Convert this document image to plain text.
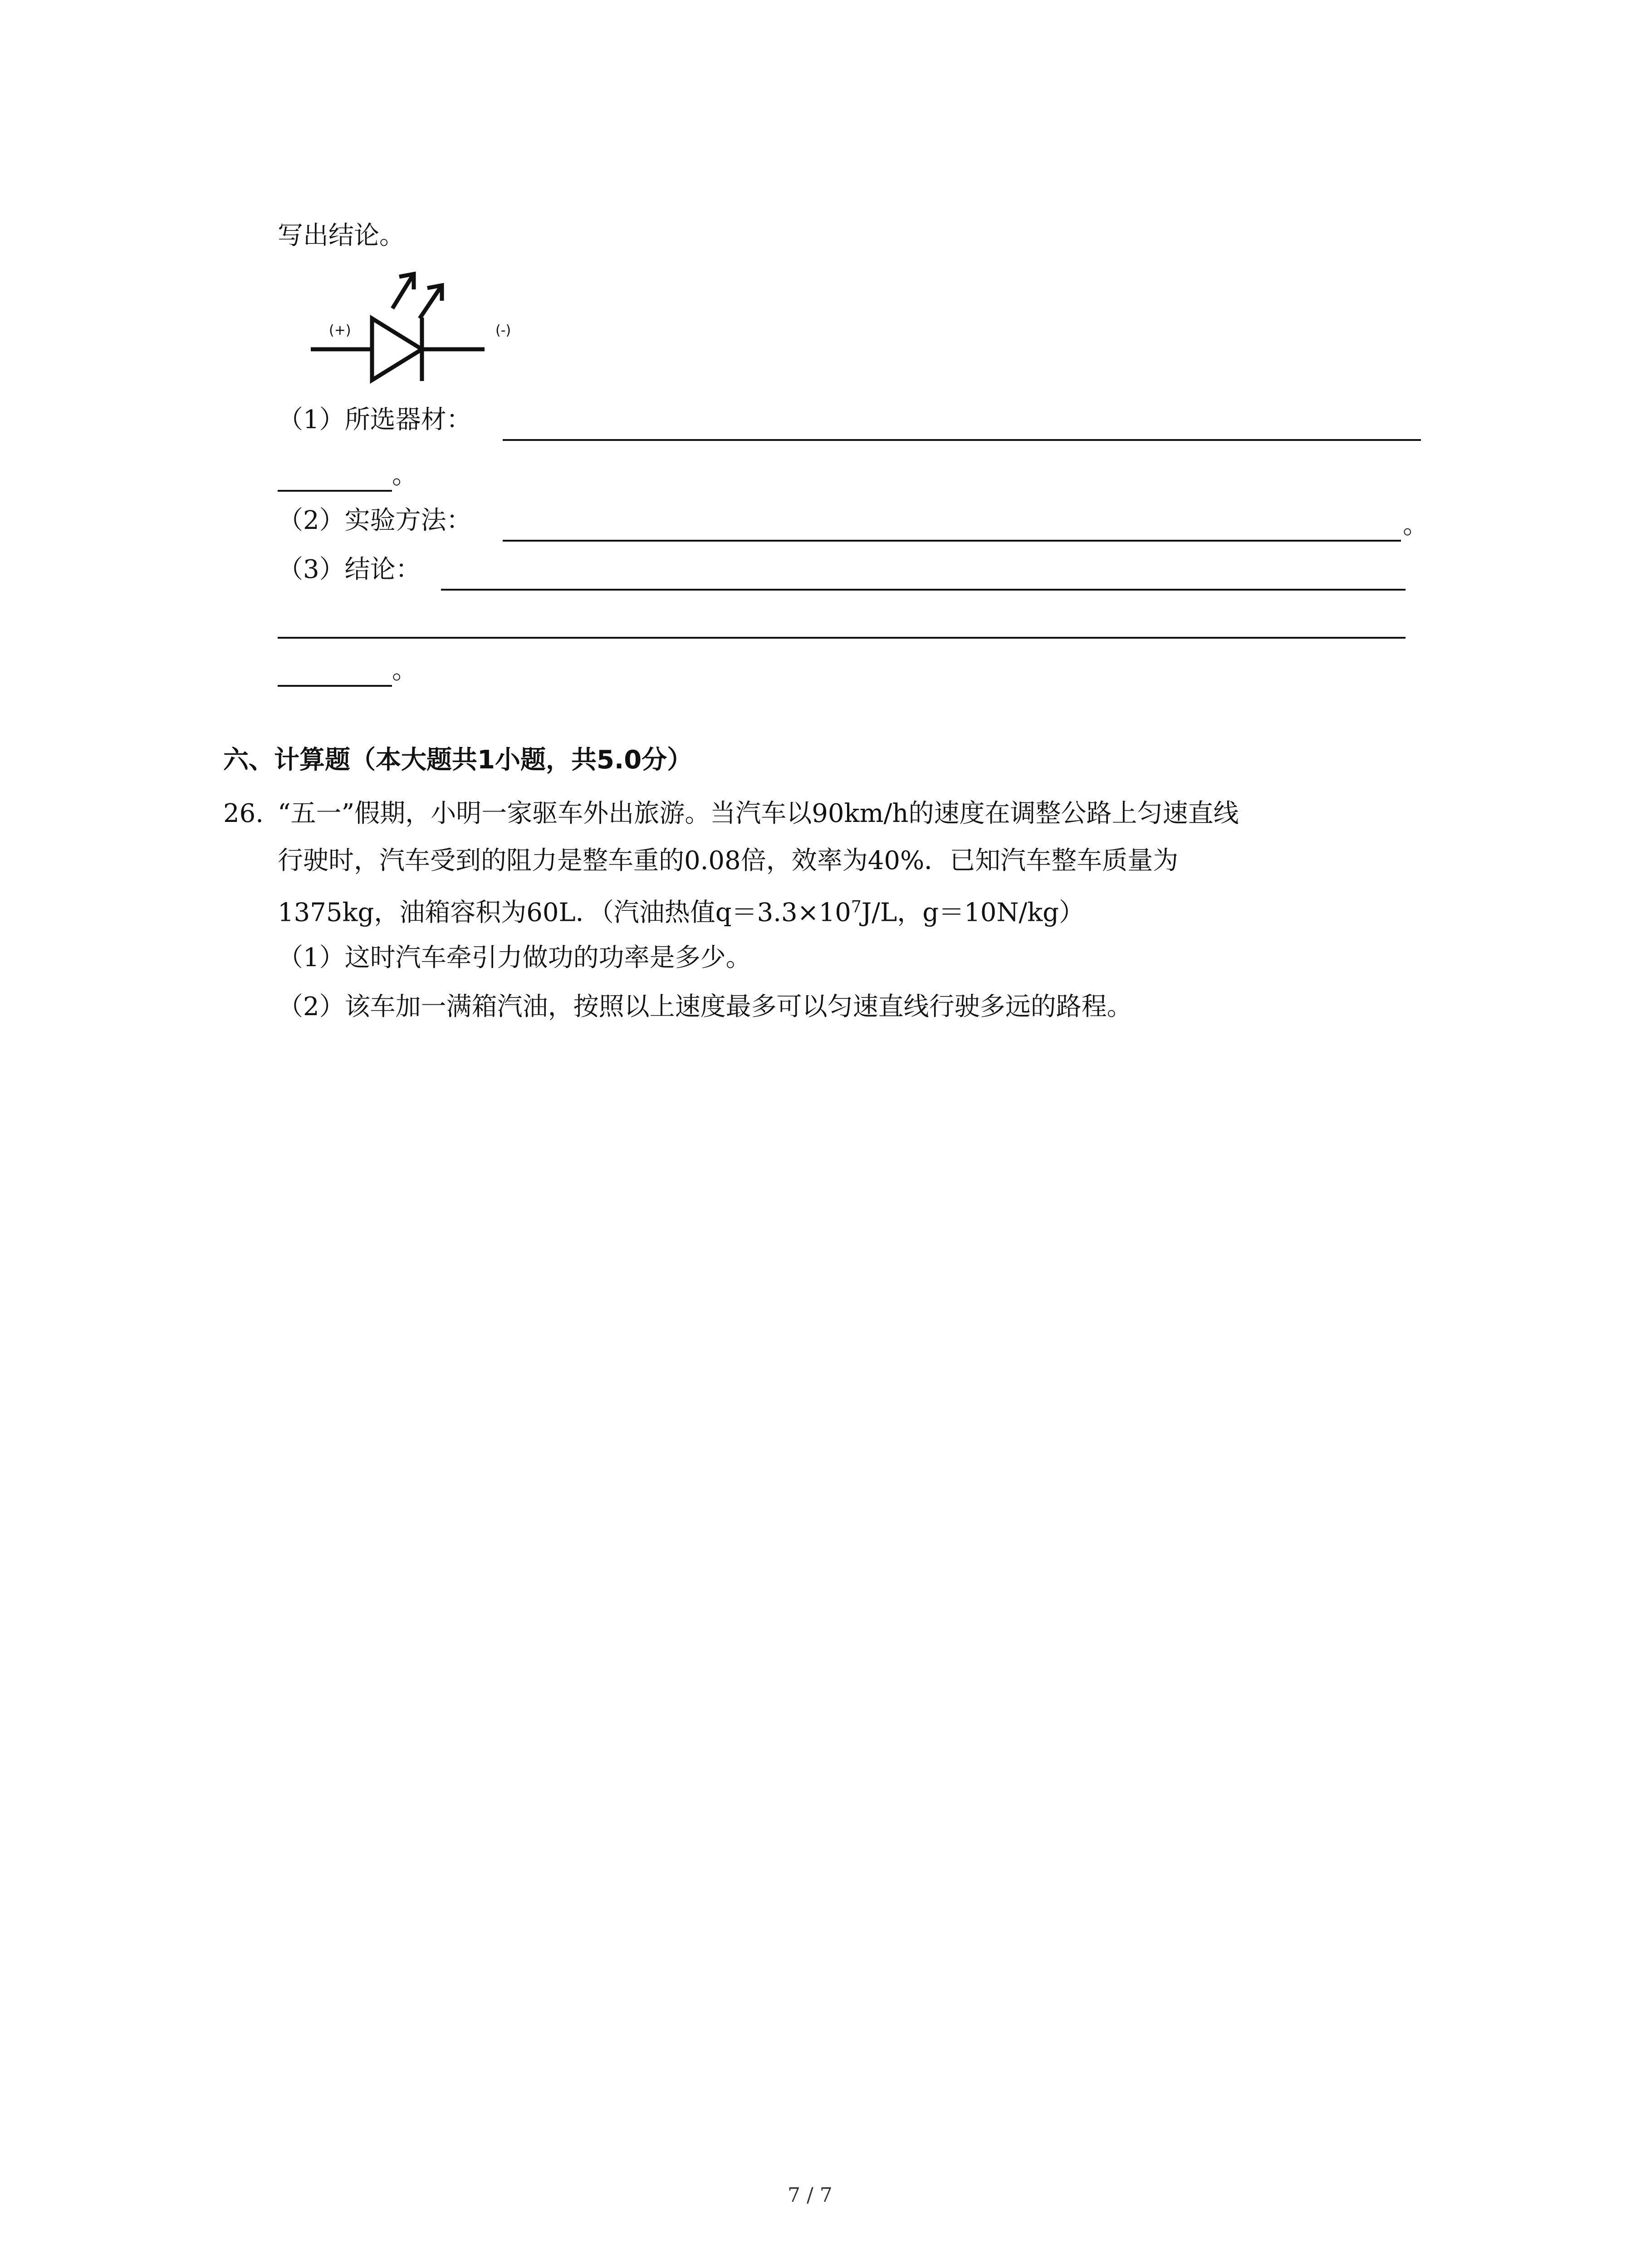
写出结论。
(+)	(-)
（1）所选器材：
。
（2）实验方法：	。
（3）结论：
。
六、计算题（本大题共1小题，共5.0分）
26. “五一”假期，小明一家驱车外出旅游。当汽车以90km/h的速度在调整公路上匀速直线
行驶时，汽车受到的阻力是整车重的0.08倍，效率为40%．已知汽车整车质量为
1375kg，油箱容积为60L．（汽油热值$q=3.3\times 10^7J/L$，g＝10N/kg）
（1）这时汽车牵引力做功的功率是多少。
（2）该车加一满箱汽油，按照以上速度最多可以匀速直线行驶多远的路程。
7 / 7
